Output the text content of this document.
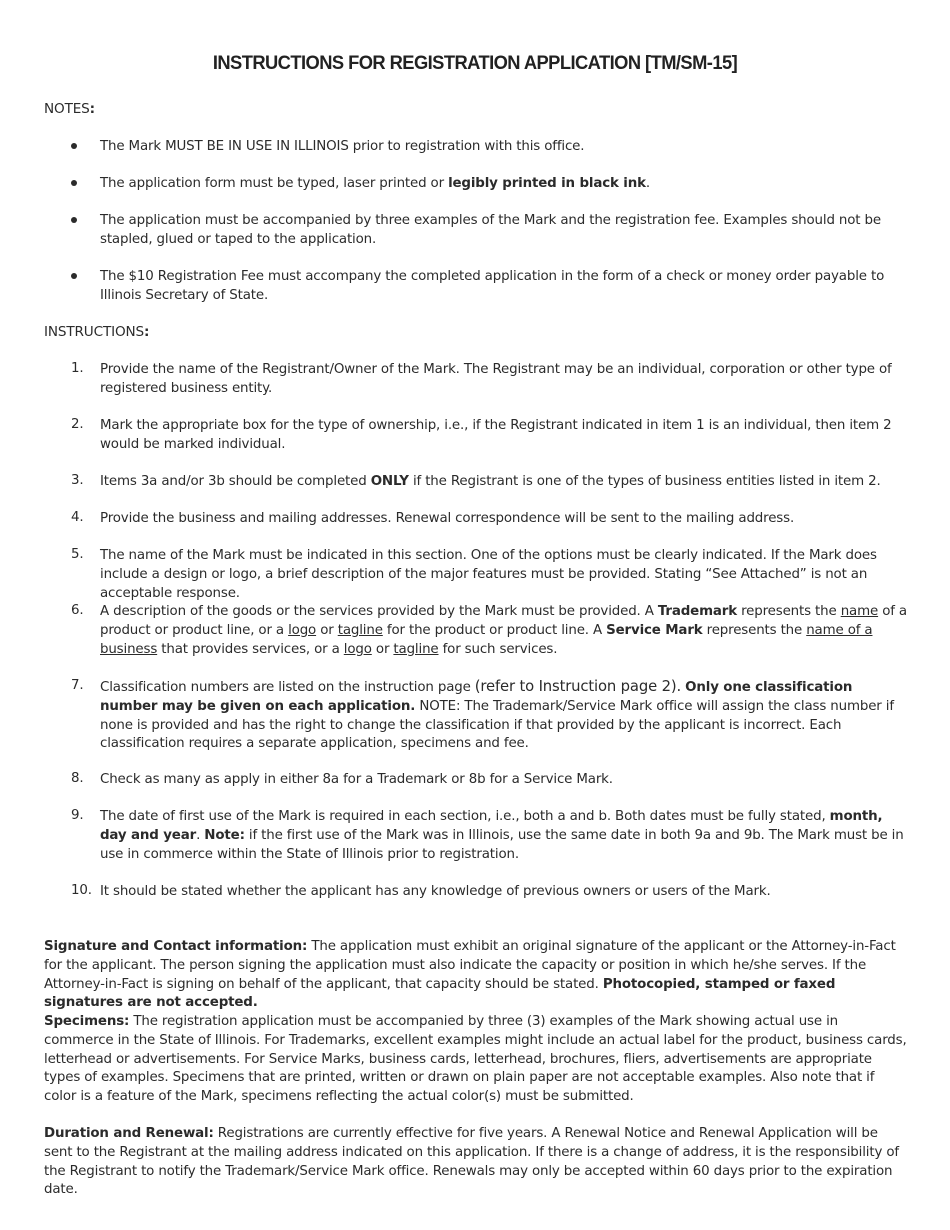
INSTRUCTIONS FOR REGISTRATION APPLICATION [TM/SM-15]
NOTES:
The Mark MUST BE IN USE IN ILLINOIS prior to registration with this office.
The application form must be typed, laser printed or legibly printed in black ink.
The application must be accompanied by three examples of the Mark and the registration fee. Examples should not be stapled, glued or taped to the application.
The $10 Registration Fee must accompany the completed application in the form of a check or money order payable to
Illinois Secretary of State.
INSTRUCTIONS:
1.	Provide the name of the Registrant/Owner of the Mark. The Registrant may be an individual, corporation or other type of registered business entity.
2.	Mark the appropriate box for the type of ownership, i.e., if the Registrant indicated in item 1 is an individual, then item 2 would be marked individual.
3.	Items 3a and/or 3b should be completed ONLY if the Registrant is one of the types of business entities listed in item 2.
4.	Provide the business and mailing addresses. Renewal correspondence will be sent to the mailing address.
5.	The name of the Mark must be indicated in this section. One of the options must be clearly indicated. If the Mark does include a design or logo, a brief description of the major features must be provided. Stating “See Attached” is not an acceptable response.
6.	A description of the goods or the services provided by the Mark must be provided. A Trademark represents the name of a product or product line, or a logo or tagline for the product or product line. A Service Mark represents the name of a business that provides services, or a logo or tagline for such services.
7.	Classification numbers are listed on the instruction page (refer to Instruction page 2). Only one classification number may be given on each application. NOTE: The Trademark/Service Mark office will assign the class number if none is provided and has the right to change the classification if that provided by the applicant is incorrect. Each classification requires a separate application, specimens and fee.
8.	Check as many as apply in either 8a for a Trademark or 8b for a Service Mark.
9.	The date of first use of the Mark is required in each section, i.e., both a and b. Both dates must be fully stated, month, day and year. Note: if the first use of the Mark was in Illinois, use the same date in both 9a and 9b. The Mark must be in use in commerce within the State of Illinois prior to registration.
10. It should be stated whether the applicant has any knowledge of previous owners or users of the Mark.
Signature and Contact information: The application must exhibit an original signature of the applicant or the Attorney-in-Fact for the applicant. The person signing the application must also indicate the capacity or position in which he/she serves. If the Attorney-in-Fact is signing on behalf of the applicant, that capacity should be stated. Photocopied, stamped or faxed signatures are not accepted.
Specimens: The registration application must be accompanied by three (3) examples of the Mark showing actual use in commerce in the State of Illinois. For Trademarks, excellent examples might include an actual label for the product, business cards, letterhead or advertisements. For Service Marks, business cards, letterhead, brochures, fliers, advertisements are appropriate types of examples. Specimens that are printed, written or drawn on plain paper are not acceptable examples. Also note that if color is a feature of the Mark, specimens reflecting the actual color(s) must be submitted.
Duration and Renewal: Registrations are currently effective for five years. A Renewal Notice and Renewal Application will be sent to the Registrant at the mailing address indicated on this application. If there is a change of address, it is the responsibility of the Registrant to notify the Trademark/Service Mark office. Renewals may only be accepted within 60 days prior to the expiration date.
